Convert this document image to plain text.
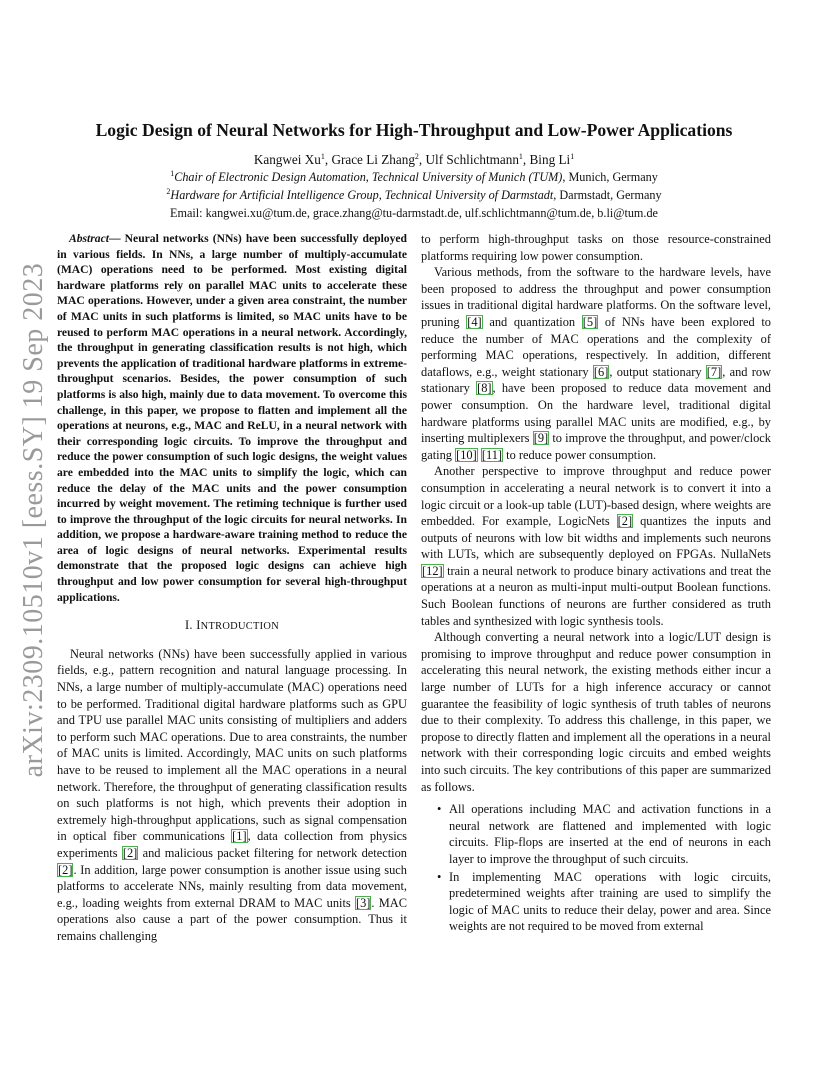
arXiv:2309.10510v1 [eess.SY] 19 Sep 2023
Logic Design of Neural Networks for High-Throughput and Low-Power Applications
Kangwei Xu$^1$, Grace Li Zhang$^2$, Ulf Schlichtmann$^1$, Bing Li$^1$
$^1$Chair of Electronic Design Automation, Technical University of Munich (TUM), Munich, Germany
$^2$Hardware for Artificial Intelligence Group, Technical University of Darmstadt, Darmstadt, Germany
Email: kangwei.xu@tum.de, grace.zhang@tu-darmstadt.de, ulf.schlichtmann@tum.de, b.li@tum.de

Abstract— Neural networks (NNs) have been successfully deployed in various fields. In NNs, a large number of multiply-accumulate (MAC) operations need to be performed. Most existing digital hardware platforms rely on parallel MAC units to accelerate these MAC operations. However, under a given area constraint, the number of MAC units in such platforms is limited, so MAC units have to be reused to perform MAC operations in a neural network. Accordingly, the throughput in generating classification results is not high, which prevents the application of traditional hardware platforms in extreme-throughput scenarios. Besides, the power consumption of such platforms is also high, mainly due to data movement. To overcome this challenge, in this paper, we propose to flatten and implement all the operations at neurons, e.g., MAC and ReLU, in a neural network with their corresponding logic circuits. To improve the throughput and reduce the power consumption of such logic designs, the weight values are embedded into the MAC units to simplify the logic, which can reduce the delay of the MAC units and the power consumption incurred by weight movement. The retiming technique is further used to improve the throughput of the logic circuits for neural networks. In addition, we propose a hardware-aware training method to reduce the area of logic designs of neural networks. Experimental results demonstrate that the proposed logic designs can achieve high throughput and low power consumption for several high-throughput applications.

I. INTRODUCTION

Neural networks (NNs) have been successfully applied in various fields, e.g., pattern recognition and natural language processing. In NNs, a large number of multiply-accumulate (MAC) operations need to be performed. Traditional digital hardware platforms such as GPU and TPU use parallel MAC units consisting of multipliers and adders to perform such MAC operations. Due to area constraints, the number of MAC units is limited. Accordingly, MAC units on such platforms have to be reused to implement all the MAC operations in a neural network. Therefore, the throughput of generating classification results on such platforms is not high, which prevents their adoption in extremely high-throughput applications, such as signal compensation in optical fiber communications [1], data collection from physics experiments [2] and malicious packet filtering for network detection [2]. In addition, large power consumption is another issue using such platforms to accelerate NNs, mainly resulting from data movement, e.g., loading weights from external DRAM to MAC units [3]. MAC operations also cause a part of the power consumption. Thus it remains challenging

to perform high-throughput tasks on those resource-constrained platforms requiring low power consumption.

Various methods, from the software to the hardware levels, have been proposed to address the throughput and power consumption issues in traditional digital hardware platforms. On the software level, pruning [4] and quantization [5] of NNs have been explored to reduce the number of MAC operations and the complexity of performing MAC operations, respectively. In addition, different dataflows, e.g., weight stationary [6], output stationary [7], and row stationary [8], have been proposed to reduce data movement and power consumption. On the hardware level, traditional digital hardware platforms using parallel MAC units are modified, e.g., by inserting multiplexers [9] to improve the throughput, and power/clock gating [10] [11] to reduce power consumption.

Another perspective to improve throughput and reduce power consumption in accelerating a neural network is to convert it into a logic circuit or a look-up table (LUT)-based design, where weights are embedded. For example, LogicNets [2] quantizes the inputs and outputs of neurons with low bit widths and implements such neurons with LUTs, which are subsequently deployed on FPGAs. NullaNets [12] train a neural network to produce binary activations and treat the operations at a neuron as multi-input multi-output Boolean functions. Such Boolean functions of neurons are further considered as truth tables and synthesized with logic synthesis tools.

Although converting a neural network into a logic/LUT design is promising to improve throughput and reduce power consumption in accelerating this neural network, the existing methods either incur a large number of LUTs for a high inference accuracy or cannot guarantee the feasibility of logic synthesis of truth tables of neurons due to their complexity. To address this challenge, in this paper, we propose to directly flatten and implement all the operations in a neural network with their corresponding logic circuits and embed weights into such circuits. The key contributions of this paper are summarized as follows.

• All operations including MAC and activation functions in a neural network are flattened and implemented with logic circuits. Flip-flops are inserted at the end of neurons in each layer to improve the throughput of such circuits.
• In implementing MAC operations with logic circuits, predetermined weights after training are used to simplify the logic of MAC units to reduce their delay, power and area. Since weights are not required to be moved from external
